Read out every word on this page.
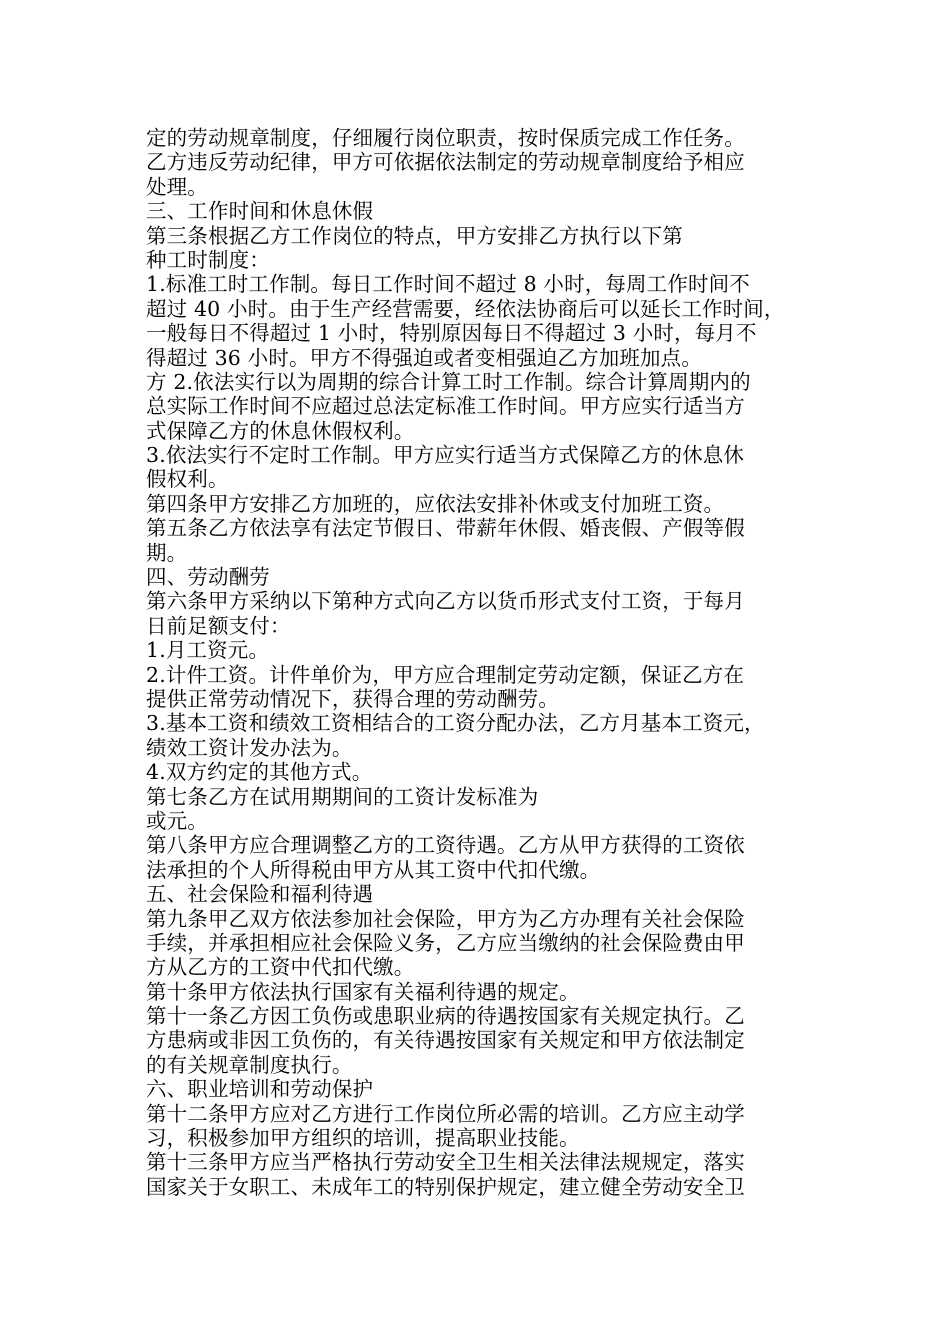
定的劳动规章制度，仔细履行岗位职责，按时保质完成工作任务。
乙方违反劳动纪律，甲方可依据依法制定的劳动规章制度给予相应
处理。
三、工作时间和休息休假
第三条根据乙方工作岗位的特点，甲方安排乙方执行以下第
种工时制度：
1.标准工时工作制。每日工作时间不超过 8 小时，每周工作时间不
超过 40 小时。由于生产经营需要，经依法协商后可以延长工作时间，
一般每日不得超过 1 小时，特别原因每日不得超过 3 小时，每月不
得超过 36 小时。甲方不得强迫或者变相强迫乙方加班加点。
方 2.依法实行以为周期的综合计算工时工作制。综合计算周期内的
总实际工作时间不应超过总法定标准工作时间。甲方应实行适当方
式保障乙方的休息休假权利。
3.依法实行不定时工作制。甲方应实行适当方式保障乙方的休息休
假权利。
第四条甲方安排乙方加班的，应依法安排补休或支付加班工资。
第五条乙方依法享有法定节假日、带薪年休假、婚丧假、产假等假
期。
四、劳动酬劳
第六条甲方采纳以下第种方式向乙方以货币形式支付工资，于每月
日前足额支付：
1.月工资元。
2.计件工资。计件单价为，甲方应合理制定劳动定额，保证乙方在
提供正常劳动情况下，获得合理的劳动酬劳。
3.基本工资和绩效工资相结合的工资分配办法，乙方月基本工资元，
绩效工资计发办法为。
4.双方约定的其他方式。
第七条乙方在试用期期间的工资计发标准为
或元。
第八条甲方应合理调整乙方的工资待遇。乙方从甲方获得的工资依
法承担的个人所得税由甲方从其工资中代扣代缴。
五、社会保险和福利待遇
第九条甲乙双方依法参加社会保险，甲方为乙方办理有关社会保险
手续，并承担相应社会保险义务，乙方应当缴纳的社会保险费由甲
方从乙方的工资中代扣代缴。
第十条甲方依法执行国家有关福利待遇的规定。
第十一条乙方因工负伤或患职业病的待遇按国家有关规定执行。乙
方患病或非因工负伤的，有关待遇按国家有关规定和甲方依法制定
的有关规章制度执行。
六、职业培训和劳动保护
第十二条甲方应对乙方进行工作岗位所必需的培训。乙方应主动学
习，积极参加甲方组织的培训，提高职业技能。
第十三条甲方应当严格执行劳动安全卫生相关法律法规规定，落实
国家关于女职工、未成年工的特别保护规定，建立健全劳动安全卫
